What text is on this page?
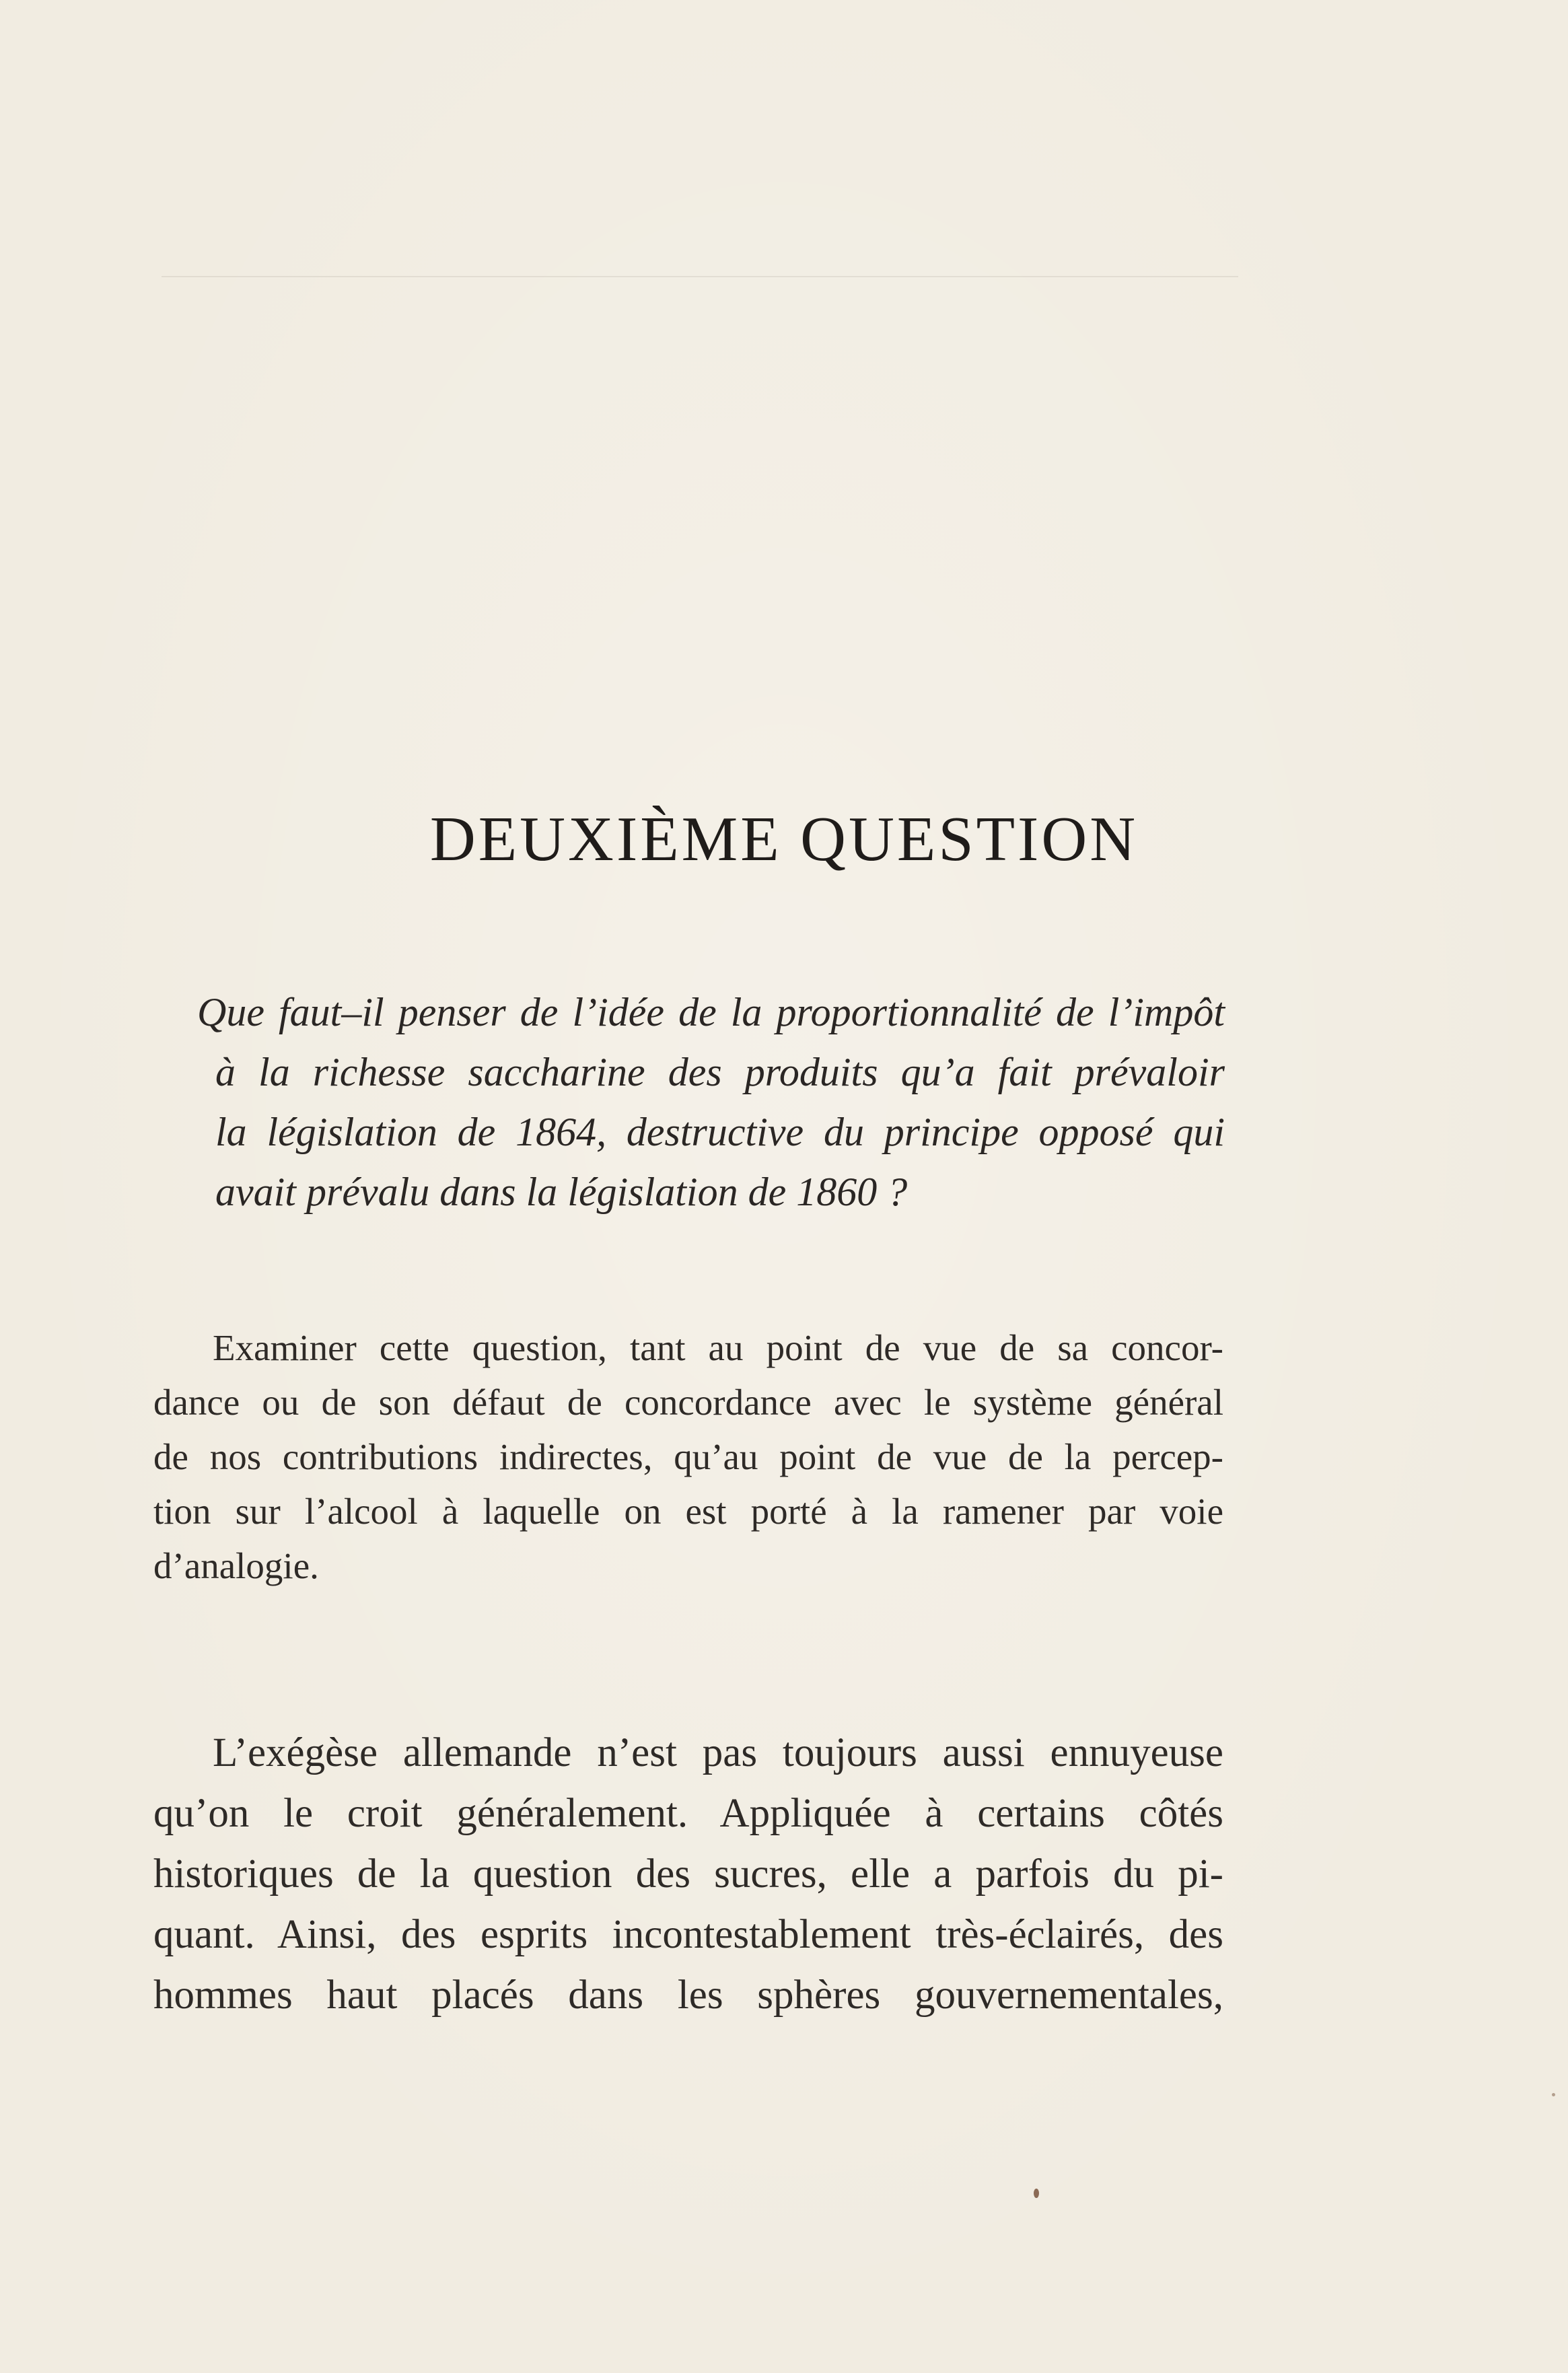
DEUXIÈME QUESTION
Que faut–il penser de l’idée de la proportionnalité de l’impôt
à la richesse saccharine des produits qu’a fait prévaloir
la législation de 1864, destructive du principe opposé qui
avait prévalu dans la législation de 1860 ?
Examiner cette question, tant au point de vue de sa concor-
dance ou de son défaut de concordance avec le système général
de nos contributions indirectes, qu’au point de vue de la percep-
tion sur l’alcool à laquelle on est porté à la ramener par voie
d’analogie.
L’exégèse allemande n’est pas toujours aussi ennuyeuse
qu’on le croit généralement. Appliquée à certains côtés
historiques de la question des sucres, elle a parfois du pi-
quant. Ainsi, des esprits incontestablement très-éclairés, des
hommes haut placés dans les sphères gouvernementales,
